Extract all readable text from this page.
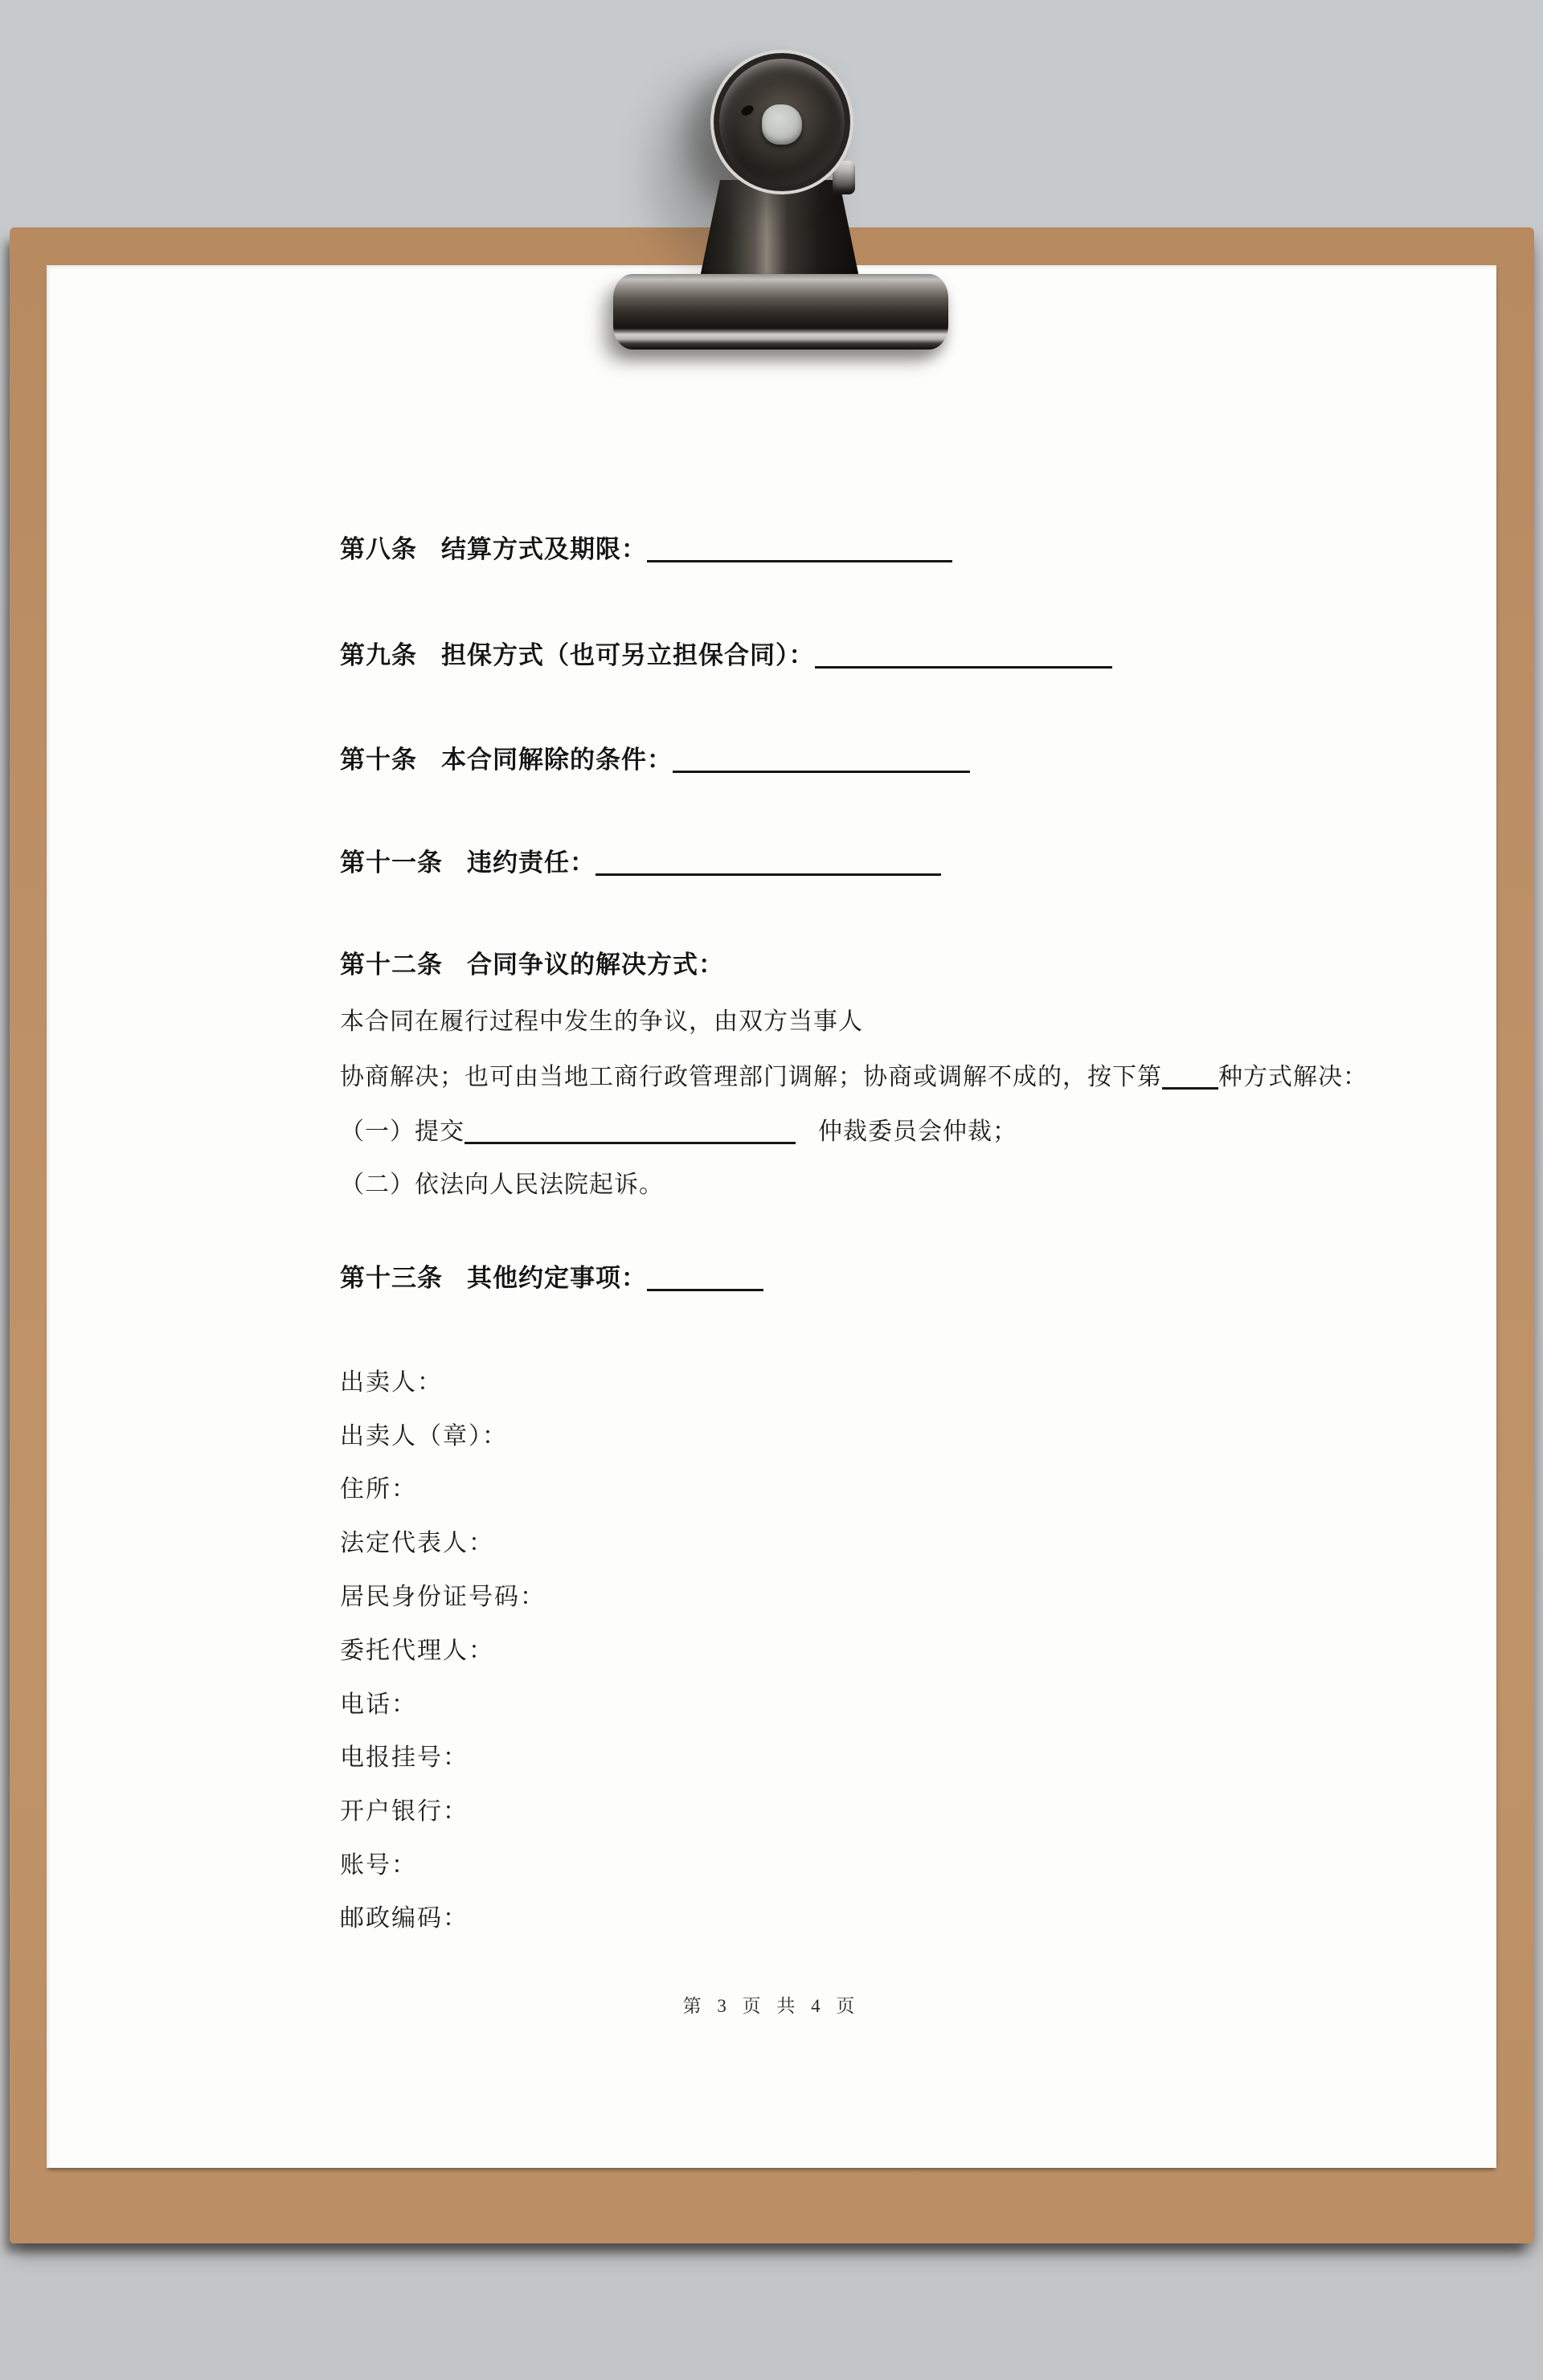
第八条 结算方式及期限：
第九条 担保方式（也可另立担保合同）：
第十条 本合同解除的条件：
第十一条 违约责任：
第十二条 合同争议的解决方式：
本合同在履行过程中发生的争议，由双方当事人
协商解决；也可由当地工商行政管理部门调解；协商或调解不成的，按下第 种方式解决：
（一）提交	仲裁委员会仲裁；
（二）依法向人民法院起诉。
第十三条 其他约定事项：
出卖人：
出卖人（章）：
住所：
法定代表人：
居民身份证号码：
委托代理人：
电话：
电报挂号：
开户银行：
账号：
邮政编码：
第 3 页 共 4 页
